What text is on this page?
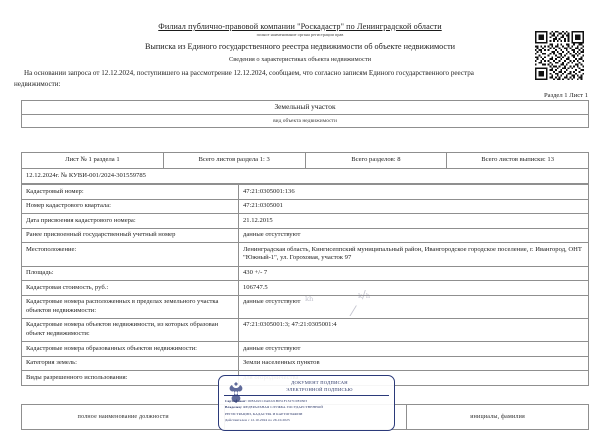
Филиал публично-правовой компании "Роскадастр" по Ленинградской области
полное наименование органа регистрации прав
Выписка из Единого государственного реестра недвижимости об объекте недвижимости
Сведения о характеристиках объекта недвижимости
На основании запроса от 12.12.2024, поступившего на рассмотрение 12.12.2024, сообщаем, что согласно записям Единого государственного реестра
недвижимости:
Раздел 1 Лист 1
Земельный участок
вид объекта недвижимости
Лист № 1 раздела 1	Всего листов раздела 1: 3	Всего разделов: 8	Всего листов выписки: 13
12.12.2024г. № КУВИ-001/2024-301559785
Кадастровый номер:	47:21:0305001:136
Номер кадастрового квартала:	47:21:0305001
Дата присвоения кадастрового номера:	21.12.2015
Ранее присвоенный государственный учетный номер	данные отсутствуют
Местоположение:	Ленинградская область, Кингисеппский муниципальный район, Ивангородское городское поселение, г. Ивангород, ОНТ "Южный-1", ул. Гороховая, участок 97
Площадь:	430 +/- 7
Кадастровая стоимость, руб.:	106747.5
Кадастровые номера расположенных в пределах земельного участка объектов недвижимости:	данные отсутствуют
Кадастровые номера объектов недвижимости, из которых образован объект недвижимости:	47:21:0305001:3; 47:21:0305001:4
Кадастровые номера образованных объектов недвижимости:	данные отсутствуют
Категория земель:	Земли населенных пунктов
Виды разрешенного использования:	
ₖₕ	ₖ/ₕ
⁄
полное наименование должности		инициалы, фамилия
ДОКУМЕНТ ПОДПИСАН
ЭЛЕКТРОННОЙ ПОДПИСЬЮ
Сертификат: 00FA02C10A0221B051F1327C0E0303
Владелец: ФЕДЕРАЛЬНАЯ СЛУЖБА ГОСУДАРСТВЕННОЙ
РЕГИСТРАЦИИ, КАДАСТРА И КАРТОГРАФИИ
Действителен с 12.10.2024 по 26.10.2025
